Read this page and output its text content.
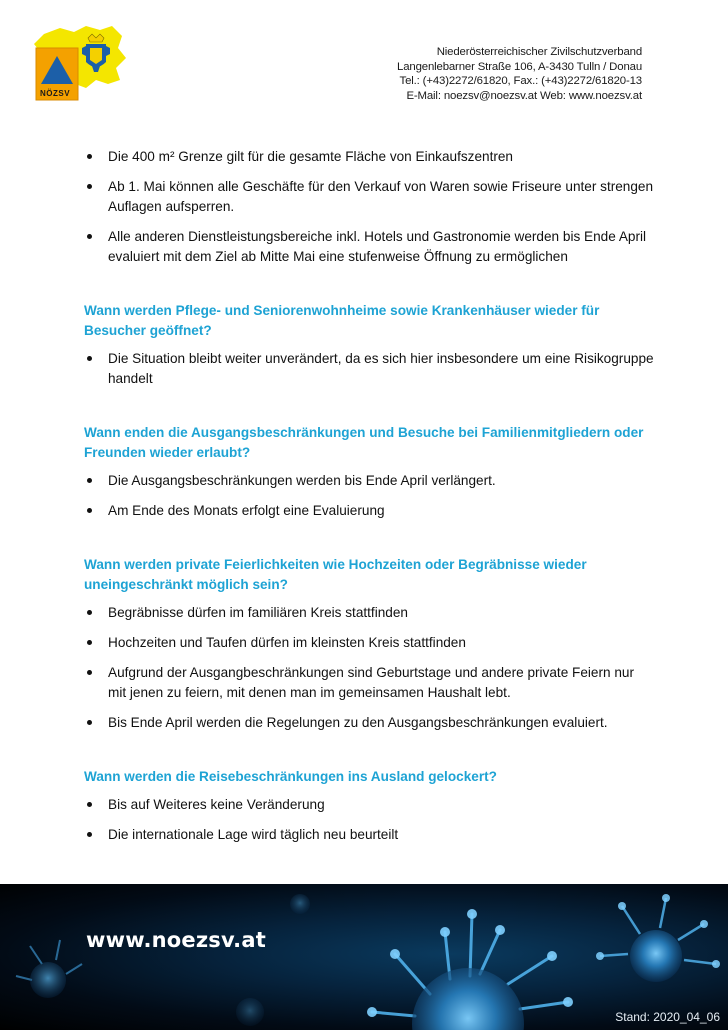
NÖZSV
Niederösterreichischer Zivilschutzverband
Langenlebarner Straße 106, A-3430 Tulln / Donau
Tel.: (+43)2272/61820, Fax.: (+43)2272/61820-13
E-Mail: noezsv@noezsv.at Web: www.noezsv.at
Die 400 m² Grenze gilt für die gesamte Fläche von Einkaufszentren
Ab 1. Mai können alle Geschäfte für den Verkauf von Waren sowie Friseure unter strengen Auflagen aufsperren.
Alle anderen Dienstleistungsbereiche inkl. Hotels und Gastronomie werden bis Ende April evaluiert mit dem Ziel ab Mitte Mai eine stufenweise Öffnung zu ermöglichen
Wann werden Pflege- und Seniorenwohnheime sowie Krankenhäuser wieder für Besucher geöffnet?
Die Situation bleibt weiter unverändert, da es sich hier insbesondere um eine Risikogruppe handelt
Wann enden die Ausgangsbeschränkungen und Besuche bei Familienmitgliedern oder Freunden wieder erlaubt?
Die Ausgangsbeschränkungen werden bis Ende April verlängert.
Am Ende des Monats erfolgt eine Evaluierung
Wann werden private Feierlichkeiten wie Hochzeiten oder Begräbnisse wieder uneingeschränkt möglich sein?
Begräbnisse dürfen im familiären Kreis stattfinden
Hochzeiten und Taufen dürfen im kleinsten Kreis stattfinden
Aufgrund der Ausgangbeschränkungen sind Geburtstage und andere private Feiern nur mit jenen zu feiern, mit denen man im gemeinsamen Haushalt lebt.
Bis Ende April werden die Regelungen zu den Ausgangsbeschränkungen evaluiert.
Wann werden die Reisebeschränkungen ins Ausland gelockert?
Bis auf Weiteres keine Veränderung
Die internationale Lage wird täglich neu beurteilt
www.noezsv.at
Stand: 2020_04_06
